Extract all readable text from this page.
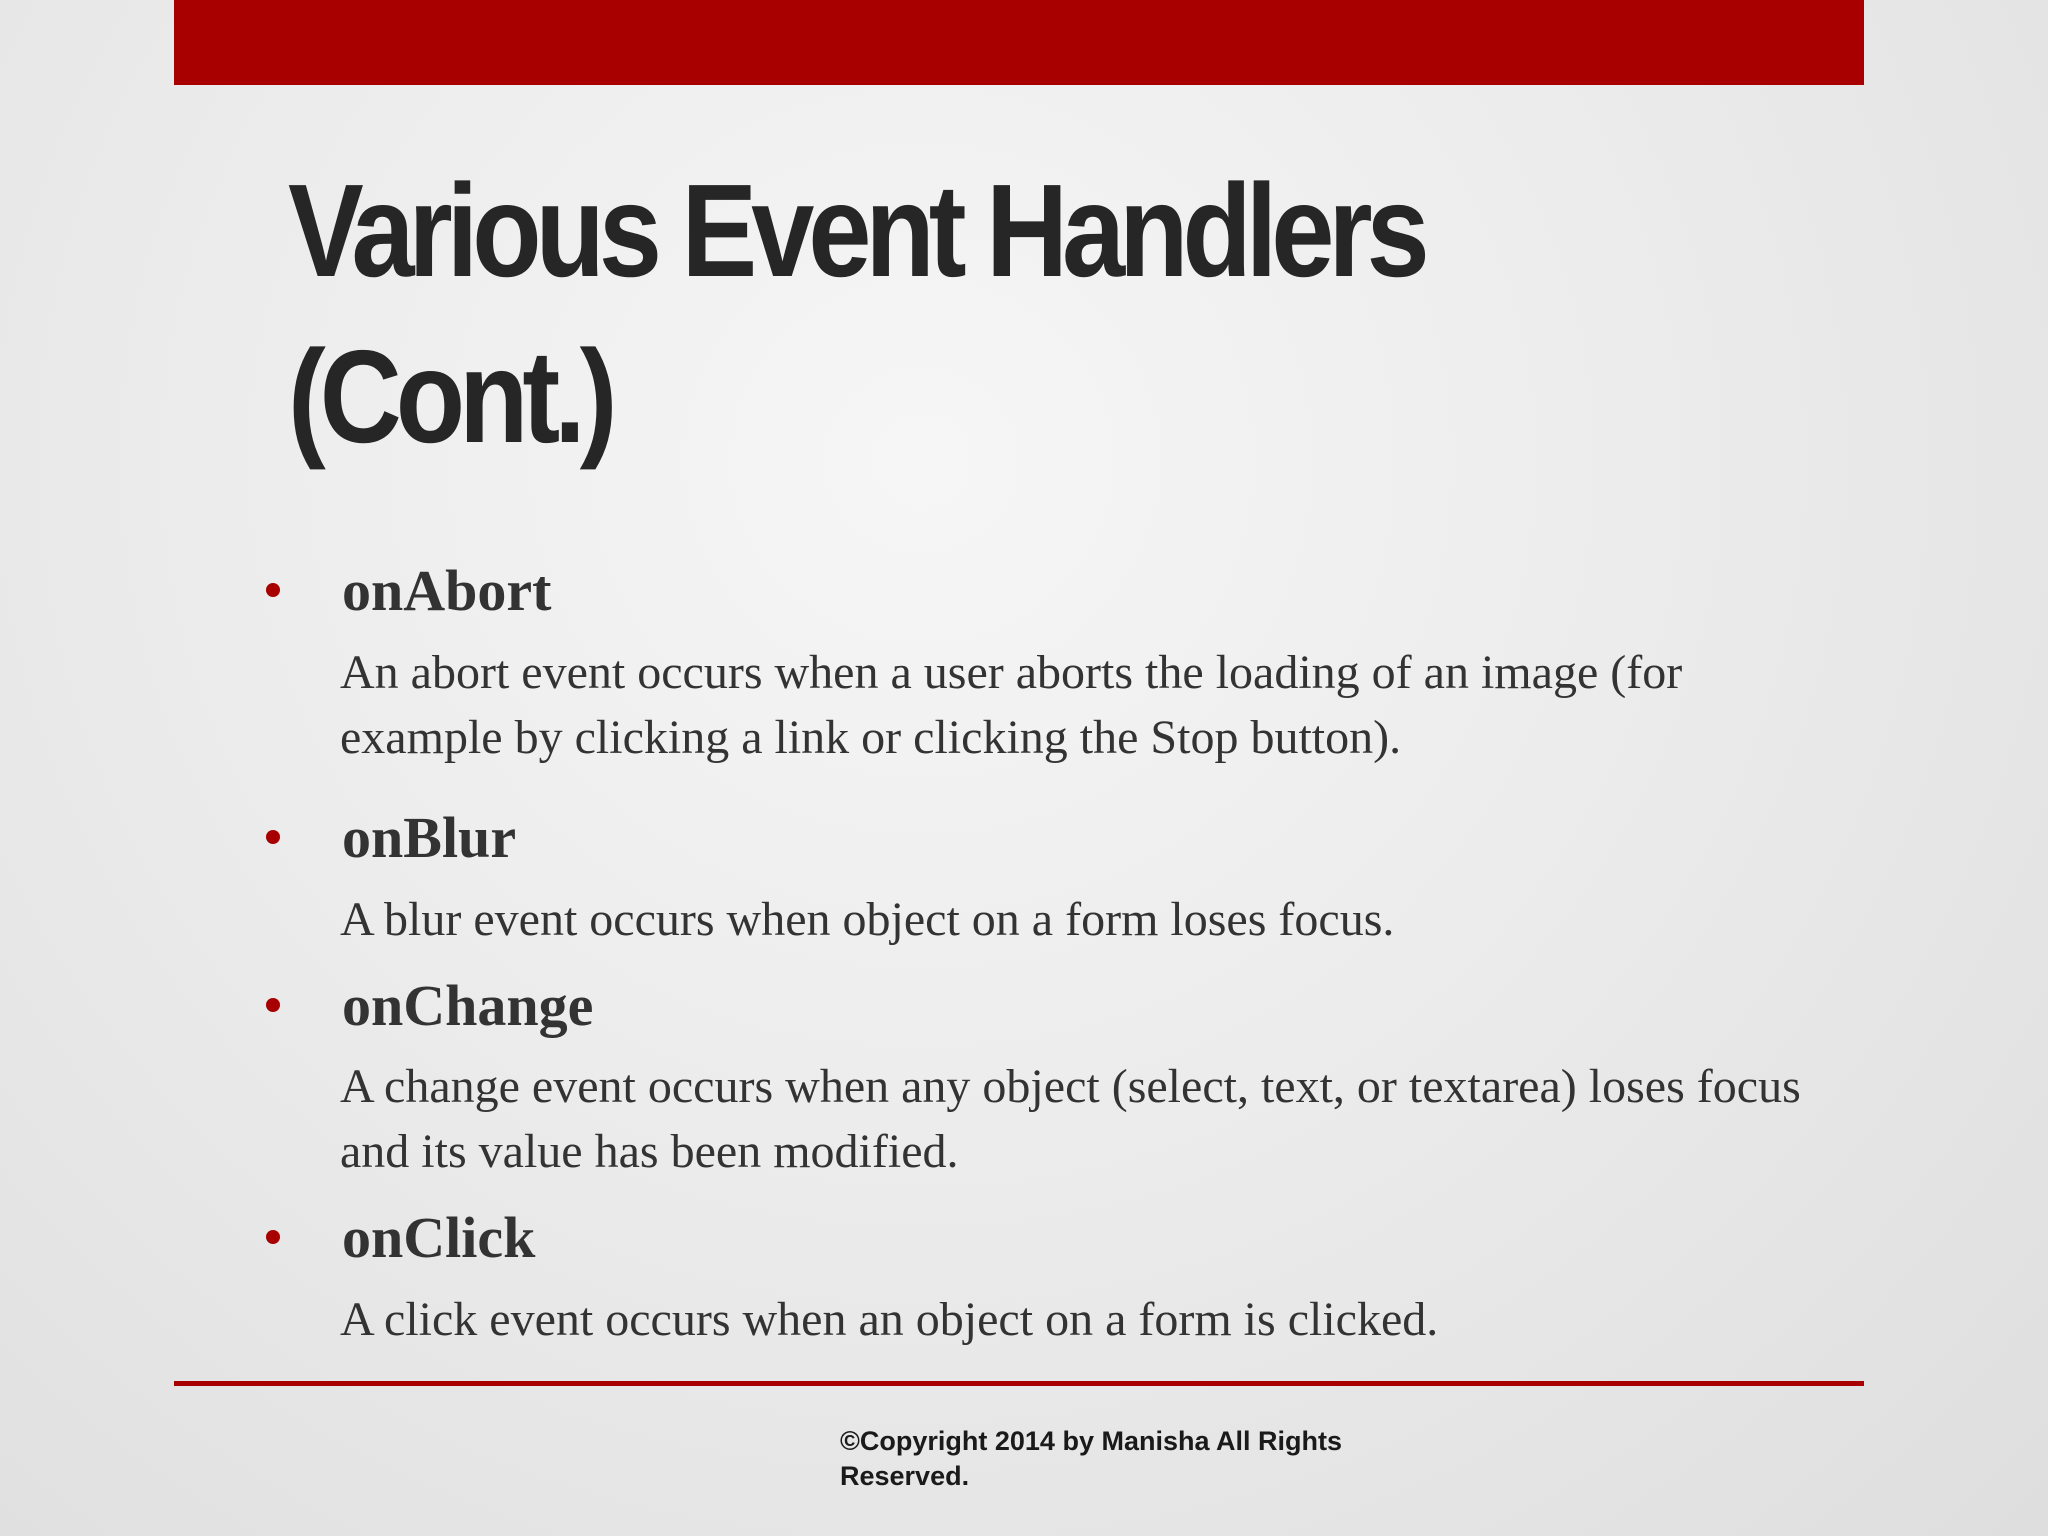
Various Event Handlers (Cont.)
onAbort

An abort event occurs when a user aborts the loading of an image (for example by clicking a link or clicking the Stop button).

onBlur

A blur event occurs when object on a form loses focus.

onChange

A change event occurs when any object (select, text, or textarea) loses focus and its value has been modified.

onClick

A click event occurs when an object on a form is clicked.

©Copyright 2014 by Manisha All Rights Reserved.
